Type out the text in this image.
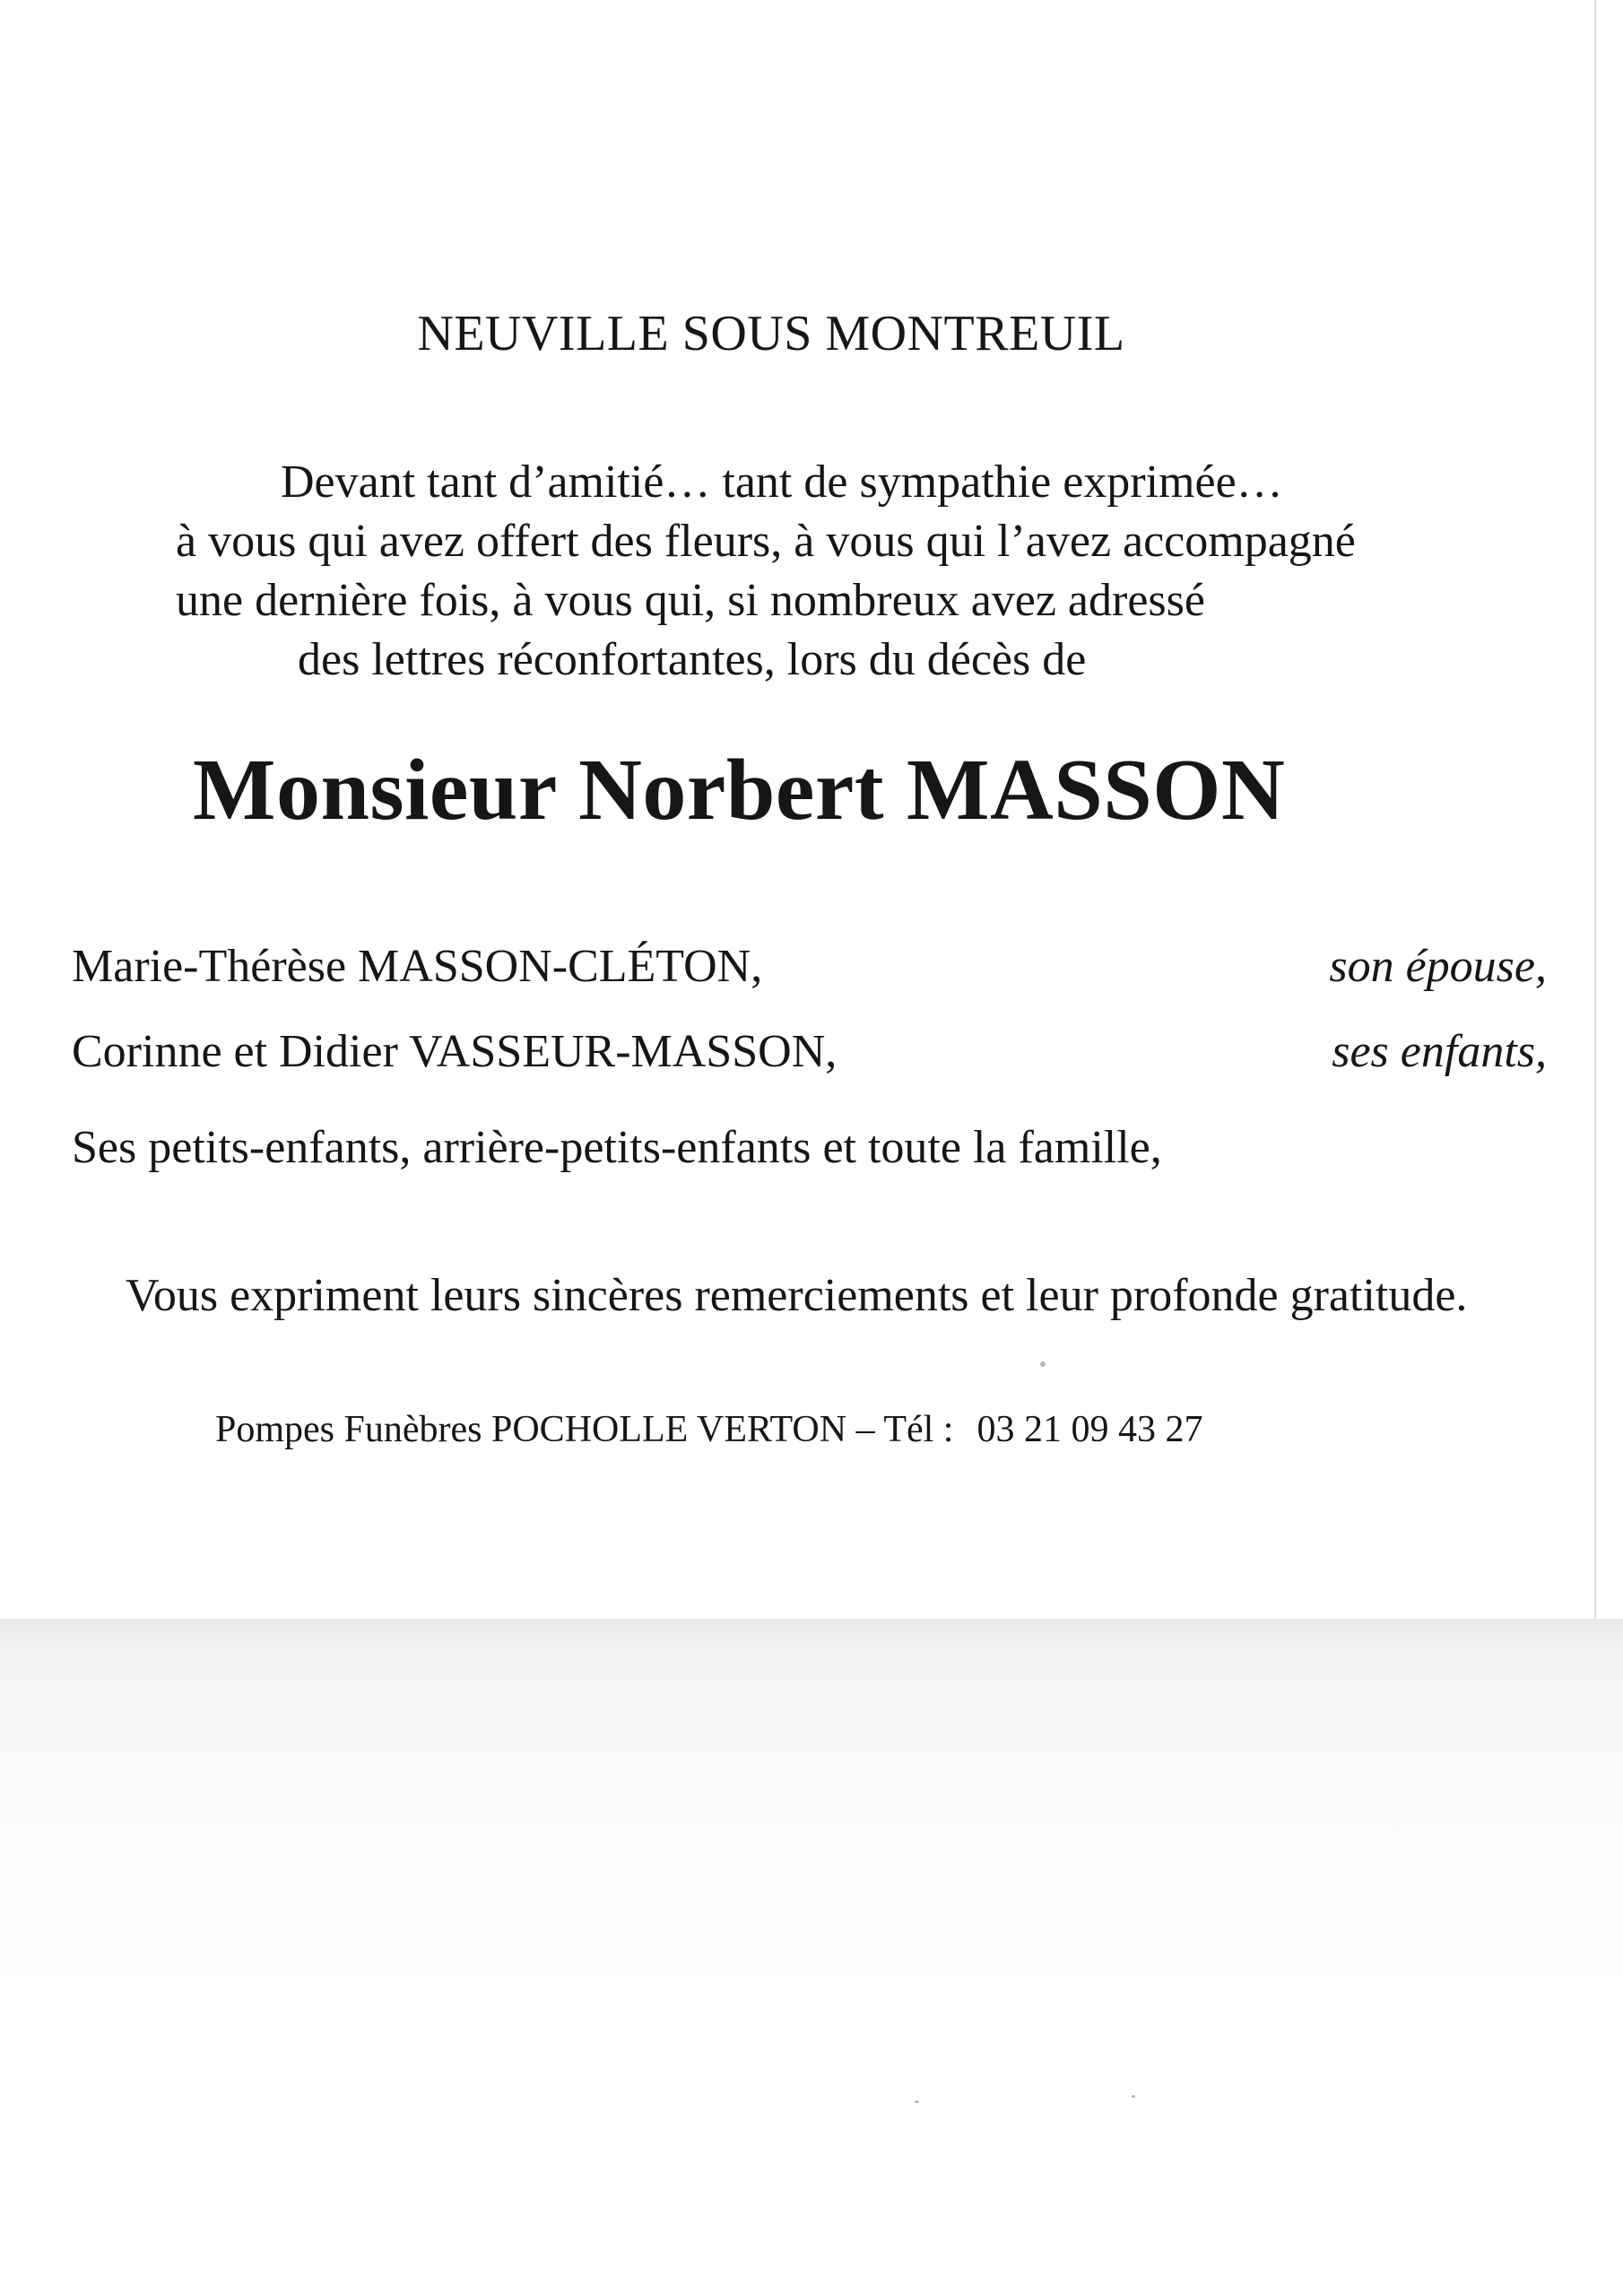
NEUVILLE SOUS MONTREUIL
Devant tant d’amitié… tant de sympathie exprimée…
à vous qui avez offert des fleurs, à vous qui l’avez accompagné
une dernière fois, à vous qui, si nombreux avez adressé
des lettres réconfortantes, lors du décès de
Monsieur Norbert MASSON
Marie-Thérèse MASSON-CLÉTON,	son épouse,
Corinne et Didier VASSEUR-MASSON,	ses enfants,
Ses petits-enfants, arrière-petits-enfants et toute la famille,
Vous expriment leurs sincères remerciements et leur profonde gratitude.
Pompes Funèbres POCHOLLE VERTON – Tél : 03 21 09 43 27
